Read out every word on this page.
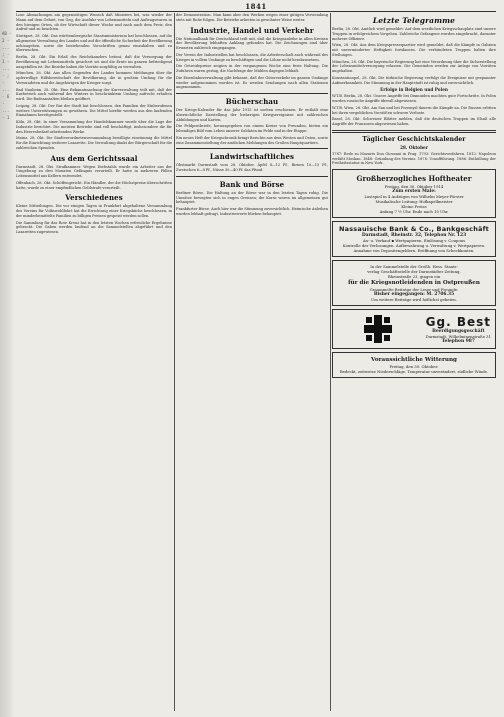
AB · 2 · ... ; · 1 · ... · ; · ... · 6 · ... · 1
1841

Lose Abmachungen am gegenseitigen Wunsch daß Ministers bei, was wieder der Mann auf dem Gebiet, von Geg, die Ausfuhr von Lebensmitteln und Auftragswaren in den hiesigen Orten, ob der Wirtschaft dieser Woche und nach nach dem Preis, den Aufruf und zu beachten.

Stuttgart, 28. Okt. Das württembergische Staatsministerium hat beschlossen, auf die allgemeine Verwaltung des Landes und auf die öffentliche Sicherheit der Bevölkerung achtzugeben, sowie die bestehenden Vorschriften genau einzuhalten und zu überwachen.

Berlin, 28. Okt. Ein Erlaß des Reichskanzlers betont, daß die Versorgung der Bevölkerung mit Lebensmitteln gesichert sei und die Ernte im ganzen befriedigend ausgefallen ist. Die Bezirke haben die Vorräte sorgfältig zu verwalten.

München, 28. Okt. Aus allen Gegenden des Landes kommen Meldungen über die opferwillige Hilfsbereitschaft der Bevölkerung, die in großem Umfang für die Verwundeten und die Angehörigen der Krieger sorgt.

Bad Nauheim, 28. Okt. Eine Bekanntmachung der Kurverwaltung teilt mit, daß der Kurbetrieb auch während des Winters in beschränktem Umfang aufrecht erhalten wird. Die Badeanstalten bleiben geöffnet.

Leipzig, 28. Okt. Der Rat der Stadt hat beschlossen, den Familien der Einberufenen weitere Unterstützungen zu gewähren. Die Mittel hierfür werden aus den laufenden Einnahmen bereitgestellt.

Köln, 28. Okt. In einer Versammlung der Handelskammer wurde über die Lage der Industrie berichtet. Die meisten Betriebe sind voll beschäftigt, insbesondere die für den Heeresbedarf arbeitenden Werke.

Mainz, 28. Okt. Die Stadtverordnetenversammlung bewilligte einstimmig die Mittel für die Einrichtung weiterer Lazarette. Die Verwaltung dankt der Bürgerschaft für die zahlreichen Spenden.

Aus dem Gerichtssaal

Darmstadt, 28. Okt. Strafkammer. Wegen Diebstahls wurde ein Arbeiter aus der Umgebung zu drei Monaten Gefängnis verurteilt. Er hatte in mehreren Fällen Lebensmittel aus Kellern entwendet.

Offenbach, 28. Okt. Schöffengericht. Ein Händler, der die Höchstpreise überschritten hatte, wurde zu einer empfindlichen Geldstrafe verurteilt.

Verschiedenes

Kleine Mitteilungen. Die vor einigen Tagen in Frankfurt abgehaltene Versammlung des Vereins für Volkswohlfahrt hat die Errichtung einer Kriegsküche beschlossen, in der minderbemittelte Familien zu billigen Preisen gespeist werden sollen.

Die Sammlung für das Rote Kreuz hat in den letzten Wochen erfreuliche Ergebnisse gebracht. Die Gaben werden laufend an die Sammelstellen abgeführt und den Lazaretten zugewiesen.

der Demonstration. Man kann aber den Werken wegen einer gütigen Verwendung stets mit Ruhe folgen. Die Betriebe arbeiten in gewohnter Weise weiter.

Industrie, Handel und Verkehr

Die Nationalbank für Deutschland teilt mit, daß die Kriegsanleihe in allen Kreisen der Bevölkerung lebhaften Anklang gefunden hat. Die Zeichnungen sind über Erwarten zahlreich eingegangen.

Der Verein der Industriellen hat beschlossen, die Arbeiterschaft auch während des Krieges in vollem Umfange zu beschäftigen und die Löhne nicht herabzusetzen.

Die Getreidepreise zeigten in der vergangenen Woche eine feste Haltung. Die Zufuhren waren gering, die Nachfrage der Mühlen dagegen lebhaft.

Die Eisenbahnverwaltung gibt bekannt, daß der Güterverkehr im ganzen Umfange wieder aufgenommen worden ist. Es werden Sendungen nach allen Stationen angenommen.

Bücherschau

Der Kriegs-Kalender für das Jahr 1915 ist soeben erschienen. Er enthält eine übersichtliche Darstellung der bisherigen Kriegsereignisse mit zahlreichen Abbildungen und Karten.

Die Feldpostbriefe, herausgegeben von einem Kreise von Freunden, bieten ein lebendiges Bild vom Leben unserer Soldaten im Felde und in der Etappe.

Ein neues Heft der Kriegschronik bringt Berichte aus dem Westen und Osten, sowie eine Zusammenstellung der amtlichen Meldungen des Großen Hauptquartiers.

Landwirtschaftliches

Obstmarkt Darmstadt vom 28. Oktober. Äpfel 8—12 Pf., Birnen 10—15 Pf., Zwetschen 6—8 Pf., Nüsse 30—40 Pf. das Pfund.

Bank und Börse

Berliner Börse. Die Haltung an der Börse war in den letzten Tagen ruhig. Die Umsätze bewegten sich in engen Grenzen; die Kurse waren im allgemeinen gut behauptet.

Frankfurter Börse. Auch hier war die Stimmung zuversichtlich. Heimische Anleihen wurden lebhaft gefragt, Industriewerte blieben behauptet.

Letzte Telegramme

Berlin, 28. Okt. Amtlich wird gemeldet: Auf dem westlichen Kriegsschauplatz sind unsere Truppen in erfolgreichem Vorgehen. Zahlreiche Gefangene wurden eingebracht, darunter mehrere Offiziere.

Wien, 28. Okt. Aus dem Kriegspressequartier wird gemeldet, daß die Kämpfe in Galizien mit unverminderter Heftigkeit fortdauern. Die verbündeten Truppen halten ihre Stellungen.

München, 28. Okt. Die bayerische Regierung hat eine Verordnung über die Sicherstellung der Lebensmittelversorgung erlassen. Die Gemeinden werden zur Anlage von Vorräten angehalten.

Konstantinopel, 28. Okt. Die türkische Regierung verfolgt die Ereignisse mit gespannter Aufmerksamkeit. Die Stimmung in der Hauptstadt ist ruhig und zuversichtlich.

Erfolge in Belgien und Polen

W.T.B. Berlin, 28. Okt. Unsere Angriffe bei Dixmuiden machten gute Fortschritte. In Polen wurden russische Angriffe überall abgewiesen.

W.T.B. Wien, 28. Okt. Am San und bei Przemysl dauern die Kämpfe an. Die Russen erlitten bei ihren vergeblichen Vorstößen schwere Verluste.

Basel, 28. Okt. Schweizer Blätter melden, daß die deutschen Truppen im Elsaß alle Angriffe der Franzosen abgewiesen haben.

Täglicher Geschichtskalender
28. Oktober

1787: Rede zu Mozarts Don Giovanni in Prag. 1793: Gerichtsverfahren. 1812: Napoleon verläßt Moskau. 1848: Gründung des Vereins. 1878: Uraufführung. 1886: Enthüllung der Freiheitsstatue in New York.

Großherzogliches Hoftheater

Freitag, den 30. Oktober 1914

Zum ersten Male:

Lustspiel in 4 Aufzügen von Wilhelm Meyer-Förster

Musikalische Leitung: Hofkapellmeister

Kleine Preise

Anfang 7 ½ Uhr. Ende nach 10 Uhr.

Nassauische Bank & Co., Bankgeschäft

Darmstadt, Rheinstr. 32, Telephon Nr. 123

An- u. Verkauf ▪ Wertpapieren. Einlösung v. Coupons

Kontrolle der Verlosungen. Aufbewahrung u. Verwaltung v. Wertpapieren.

Annahme von Depositengeldern. Eröffnung von Scheckkonten.

In der Sammelstelle der Großh. Hess. Staats-

verlag Geschäftsstelle der Darmstädter Zeitung,

Rheinstraße 23, gingen ein

für die Kriegsnotleidenden in Ostpreußen

Gesammelte Beiträge der Leser und Freunde:

Bisher eingegangen: M. 2706.35

Um weitere Beiträge wird höflichst gebeten.

Gg. Best

Beerdigungsgeschäft

Darmstadt, Wilhelminenstraße 31

Telephon 987

Voraussichtliche Witterung

Freitag, den 30. Oktober:

Bedeckt, zeitweise Niederschläge, Temperatur unverändert, südliche Winde.
